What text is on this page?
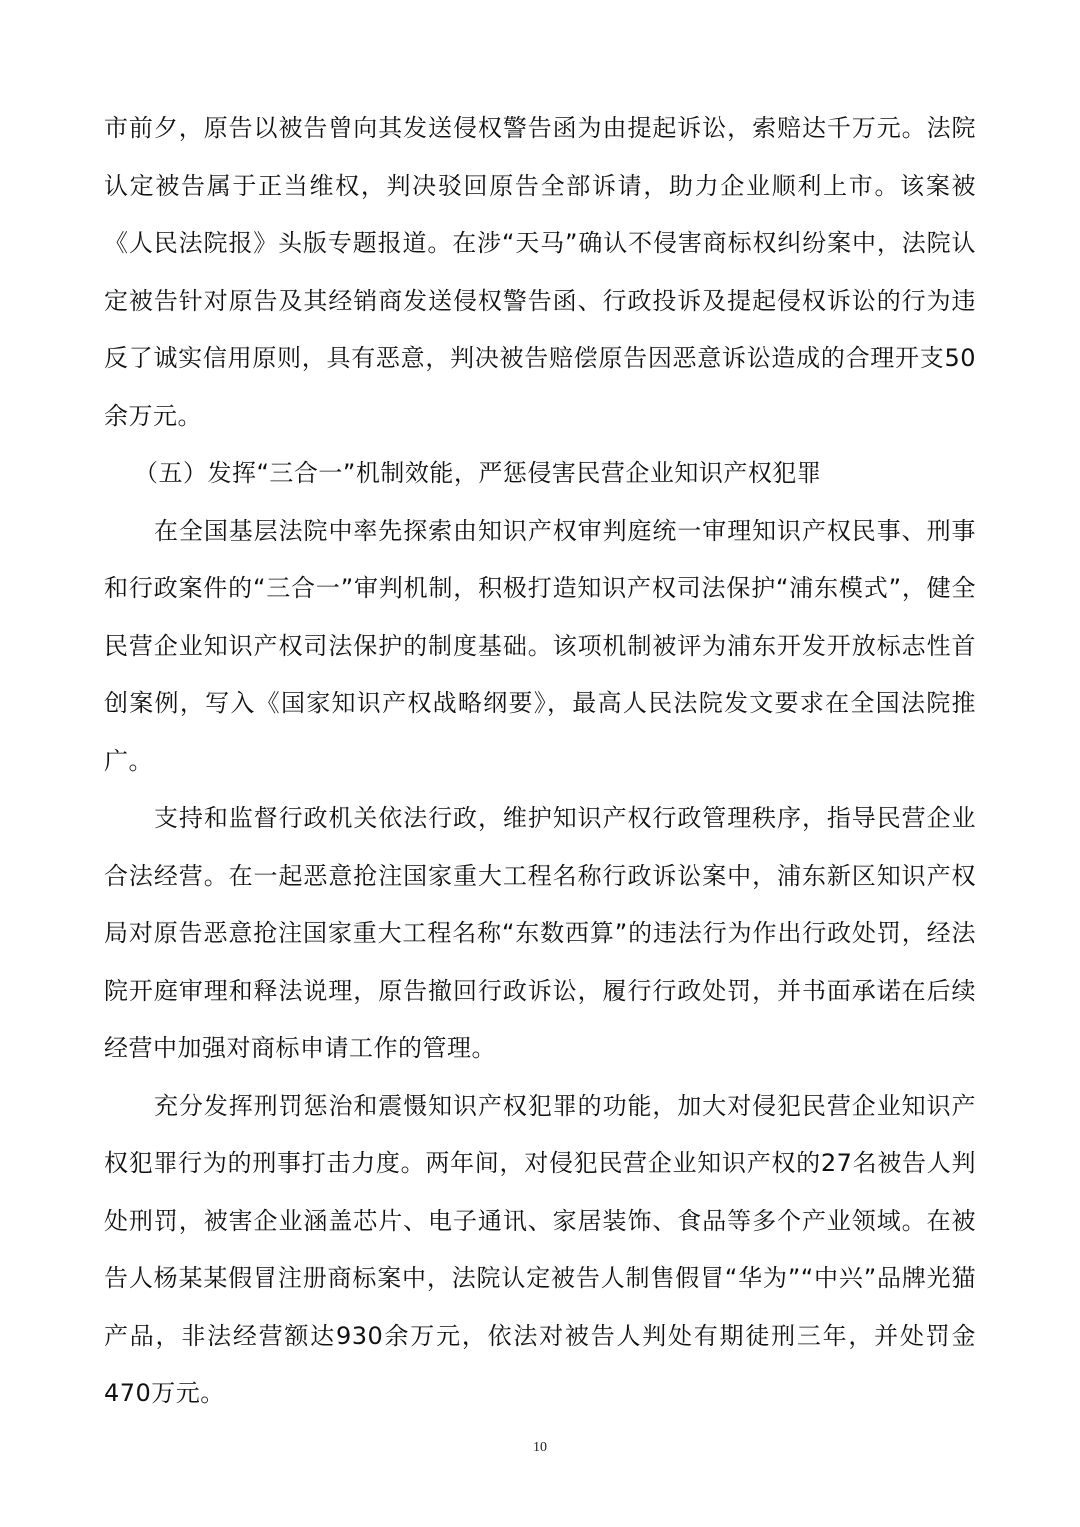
市前夕，原告以被告曾向其发送侵权警告函为由提起诉讼，索赔达千万元。法院认定被告属于正当维权，判决驳回原告全部诉请，助力企业顺利上市。该案被《人民法院报》头版专题报道。在涉“天马”确认不侵害商标权纠纷案中，法院认定被告针对原告及其经销商发送侵权警告函、行政投诉及提起侵权诉讼的行为违反了诚实信用原则，具有恶意，判决被告赔偿原告因恶意诉讼造成的合理开支50余万元。

（五）发挥“三合一”机制效能，严惩侵害民营企业知识产权犯罪

在全国基层法院中率先探索由知识产权审判庭统一审理知识产权民事、刑事和行政案件的“三合一”审判机制，积极打造知识产权司法保护“浦东模式”，健全民营企业知识产权司法保护的制度基础。该项机制被评为浦东开发开放标志性首创案例，写入《国家知识产权战略纲要》，最高人民法院发文要求在全国法院推广。

支持和监督行政机关依法行政，维护知识产权行政管理秩序，指导民营企业合法经营。在一起恶意抢注国家重大工程名称行政诉讼案中，浦东新区知识产权局对原告恶意抢注国家重大工程名称“东数西算”的违法行为作出行政处罚，经法院开庭审理和释法说理，原告撤回行政诉讼，履行行政处罚，并书面承诺在后续经营中加强对商标申请工作的管理。

充分发挥刑罚惩治和震慑知识产权犯罪的功能，加大对侵犯民营企业知识产权犯罪行为的刑事打击力度。两年间，对侵犯民营企业知识产权的27名被告人判处刑罚，被害企业涵盖芯片、电子通讯、家居装饰、食品等多个产业领域。在被告人杨某某假冒注册商标案中，法院认定被告人制售假冒“华为”“中兴”品牌光猫产品，非法经营额达930余万元，依法对被告人判处有期徒刑三年，并处罚金470万元。

10
